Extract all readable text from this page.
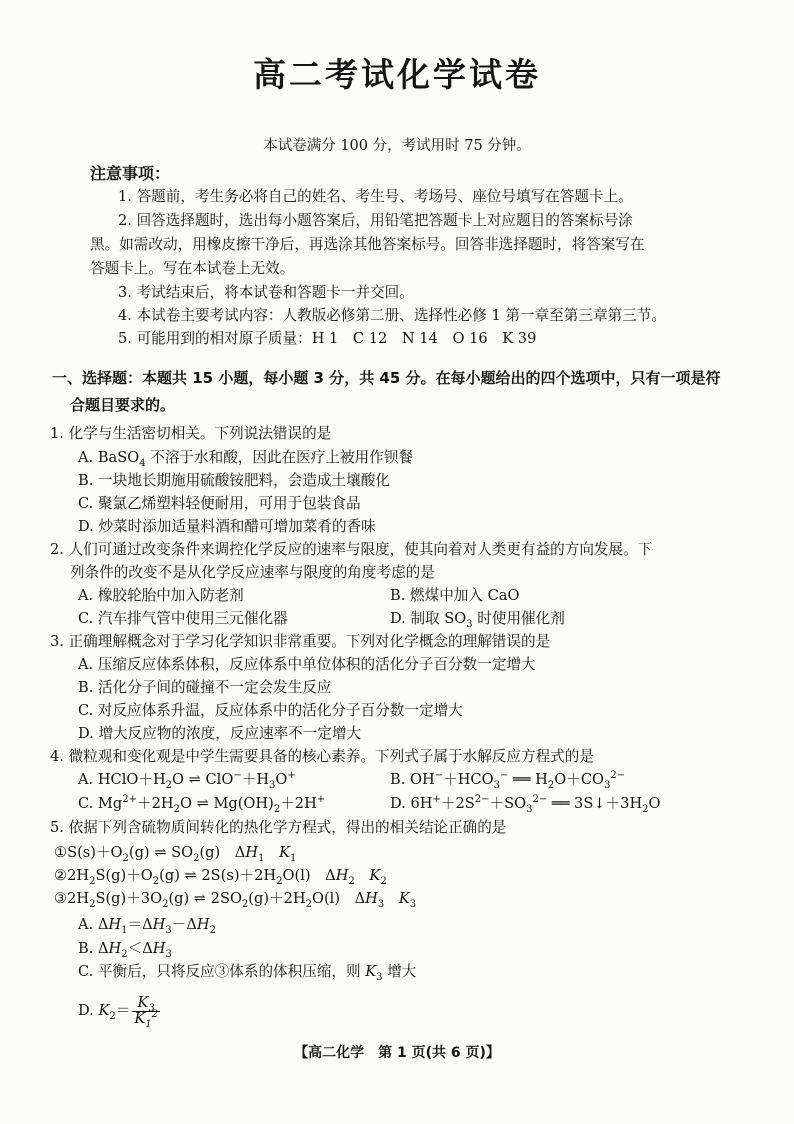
高二考试化学试卷
本试卷满分 100 分，考试用时 75 分钟。
注意事项：
1. 答题前，考生务必将自己的姓名、考生号、考场号、座位号填写在答题卡上。
2. 回答选择题时，选出每小题答案后，用铅笔把答题卡上对应题目的答案标号涂
黑。如需改动，用橡皮擦干净后，再选涂其他答案标号。回答非选择题时，将答案写在
答题卡上。写在本试卷上无效。
3. 考试结束后，将本试卷和答题卡一并交回。
4. 本试卷主要考试内容：人教版必修第二册、选择性必修 1 第一章至第三章第三节。
5. 可能用到的相对原子质量：H 1　C 12　N 14　O 16　K 39
一、选择题：本题共 15 小题，每小题 3 分，共 45 分。在每小题给出的四个选项中，只有一项是符
合题目要求的。
1. 化学与生活密切相关。下列说法错误的是
A. BaSO$_4$ 不溶于水和酸，因此在医疗上被用作钡餐
B. 一块地长期施用硫酸铵肥料，会造成土壤酸化
C. 聚氯乙烯塑料轻便耐用，可用于包装食品
D. 炒菜时添加适量料酒和醋可增加菜肴的香味
2. 人们可通过改变条件来调控化学反应的速率与限度，使其向着对人类更有益的方向发展。下
列条件的改变不是从化学反应速率与限度的角度考虑的是
A. 橡胶轮胎中加入防老剂	B. 燃煤中加入 CaO
C. 汽车排气管中使用三元催化器	D. 制取 $SO_3$ 时使用催化剂
3. 正确理解概念对于学习化学知识非常重要。下列对化学概念的理解错误的是
A. 压缩反应体系体积，反应体系中单位体积的活化分子百分数一定增大
B. 活化分子间的碰撞不一定会发生反应
C. 对反应体系升温，反应体系中的活化分子百分数一定增大
D. 增大反应物的浓度，反应速率不一定增大
4. 微粒观和变化观是中学生需要具备的核心素养。下列式子属于水解反应方程式的是
A. $HClO+H_2O$ ⇌ $ClO^-+H_3O^+$	B. $OH^-+HCO_3^-$ ══ $H_2O+CO_3^{2-}$
C. $Mg^{2+}+2H_2O$ ⇌ $Mg(OH)_2+2H^+$	D. $6H^++2S^{2-}+SO_3^{2-}$ ══ $3S↓+3H_2O$
5. 依据下列含硫物质间转化的热化学方程式，得出的相关结论正确的是
$①S(s)+O_2(g)$ ⇌ $SO_2(g)$　$\Delta H_1$　 $K_1$
$②2H_2S(g)+O_2(g)$ ⇌ $2S(s)+2H_2O(l)$　$\Delta H_2$　 $K_2$
$③2H_2S(g)+3O_2(g)$ ⇌ $2SO_2(g)+2H_2O(l)$　$\Delta H_3$　 $K_3$
A. $\Delta H_1=\Delta H_3-\Delta H_2$
B. $\Delta H_2<\Delta H_3$
C. 平衡后，只将反应③体系的体积压缩，则 $K_3$ 增大
D. $K_2= \frac{K_3}{K_1^2}$
【高二化学　第 1 页(共 6 页)】
